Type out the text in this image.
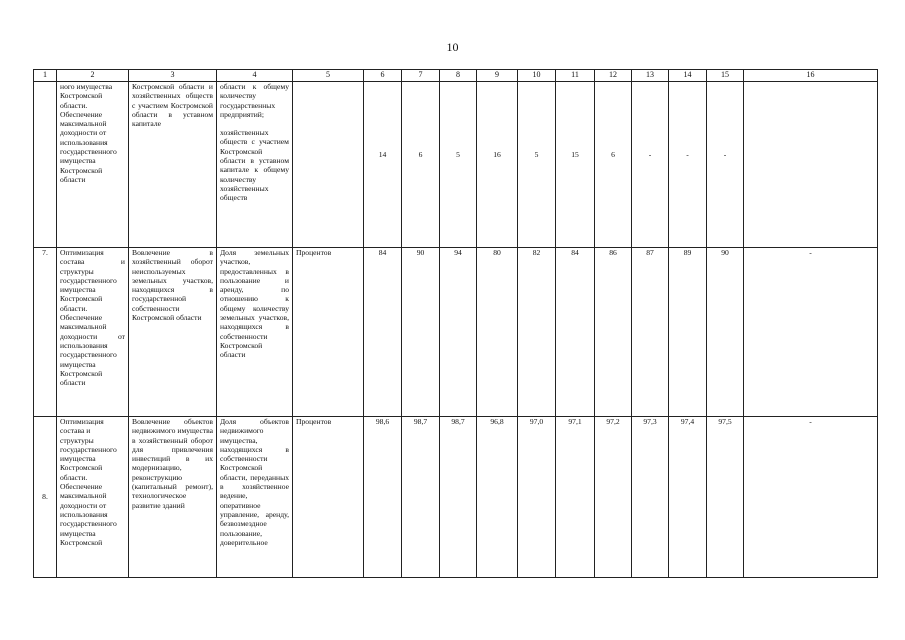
10
1	2	3	4	5	6	7	8	9	10	11	12	13	14	15	16
	ного имущества Костромской области. Обеспечение максимальной доходности от использования государственного имущества Костромской области	Костромской области и хозяйственных обществ с участием Костромской области в уставном капитале	области к общему количеству государственных предприятий;
хозяйственных обществ с участием Костромской области в уставном капитале к общему количеству хозяйственных обществ		14	6	5	16	5	15	6	-	-	-	
7.	Оптимизация состава и структуры государственного имущества Костромской области. Обеспечение максимальной доходности от использования государственного имущества Костромской области	Вовлечение в хозяйственный оборот неиспользуемых земельных участков, находящихся в государственной собственности Костромской области	Доля земельных участков, предоставленных в пользование и аренду, по отношению к общему количеству земельных участков, находящихся в собственности Костромской области	Процентов	84	90	94	80	82	84	86	87	89	90	-
8.	Оптимизация состава и структуры государственного имущества Костромской области. Обеспечение максимальной доходности от использования государственного имущества Костромской	Вовлечение объектов недвижимого имущества в хозяйственный оборот для привлечения инвестиций в их модернизацию, реконструкцию (капитальный ремонт), технологическое развитие зданий	Доля объектов недвижимого имущества, находящихся в собственности Костромской области, переданных в хозяйственное ведение, оперативное управление, аренду, безвозмездное пользование, доверительное	Процентов	98,6	98,7	98,7	96,8	97,0	97,1	97,2	97,3	97,4	97,5	-
